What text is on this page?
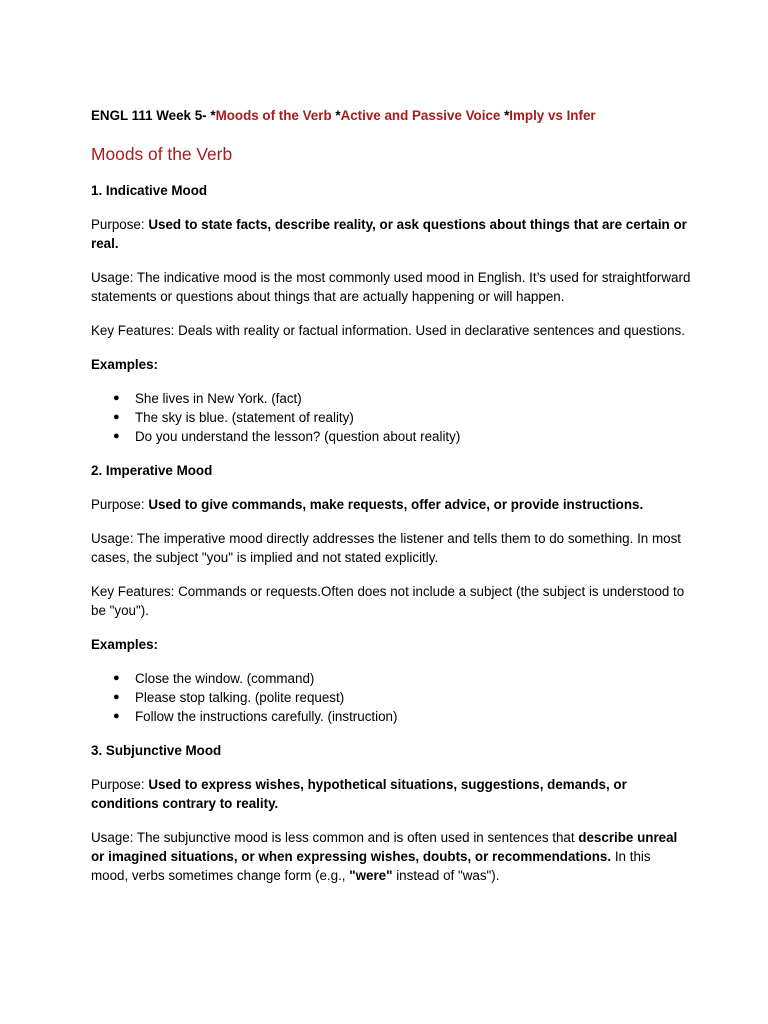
ENGL 111 Week 5- *Moods of the Verb *Active and Passive Voice *Imply vs Infer
Moods of the Verb
1. Indicative Mood

Purpose: Used to state facts, describe reality, or ask questions about things that are certain or real.

Usage: The indicative mood is the most commonly used mood in English. It’s used for straightforward statements or questions about things that are actually happening or will happen.

Key Features: Deals with reality or factual information. Used in declarative sentences and questions.

Examples:

● She lives in New York. (fact)
● The sky is blue. (statement of reality)
● Do you understand the lesson? (question about reality)
2. Imperative Mood

Purpose: Used to give commands, make requests, offer advice, or provide instructions.

Usage: The imperative mood directly addresses the listener and tells them to do something. In most cases, the subject "you" is implied and not stated explicitly.

Key Features: Commands or requests.Often does not include a subject (the subject is understood to be "you").

Examples:

● Close the window. (command)
● Please stop talking. (polite request)
● Follow the instructions carefully. (instruction)
3. Subjunctive Mood

Purpose: Used to express wishes, hypothetical situations, suggestions, demands, or conditions contrary to reality.

Usage: The subjunctive mood is less common and is often used in sentences that describe unreal or imagined situations, or when expressing wishes, doubts, or recommendations. In this mood, verbs sometimes change form (e.g., "were" instead of "was").
